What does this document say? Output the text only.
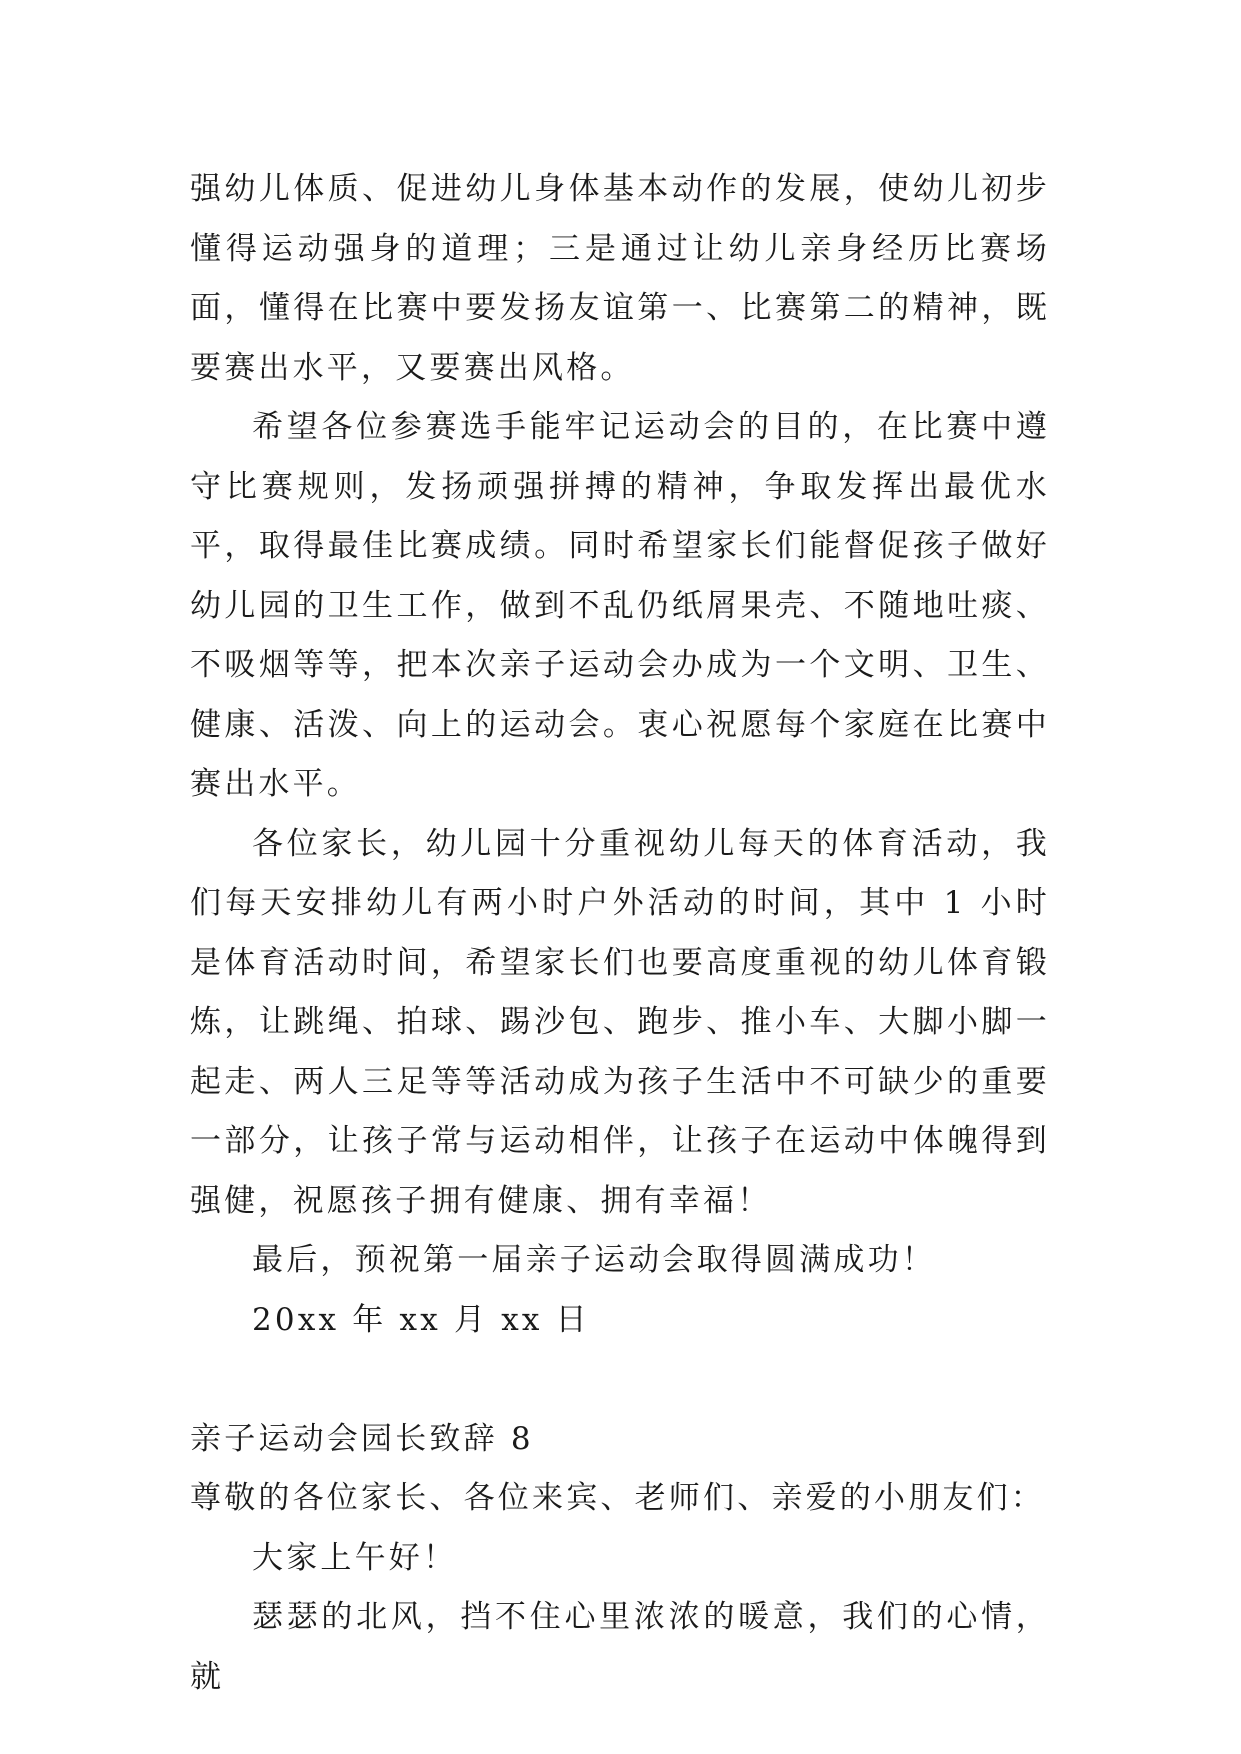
强幼儿体质、促进幼儿身体基本动作的发展，使幼儿初步懂得运动强身的道理；三是通过让幼儿亲身经历比赛场面，懂得在比赛中要发扬友谊第一、比赛第二的精神，既要赛出水平，又要赛出风格。

希望各位参赛选手能牢记运动会的目的，在比赛中遵守比赛规则，发扬顽强拼搏的精神，争取发挥出最优水平，取得最佳比赛成绩。同时希望家长们能督促孩子做好幼儿园的卫生工作，做到不乱仍纸屑果壳、不随地吐痰、不吸烟等等，把本次亲子运动会办成为一个文明、卫生、健康、活泼、向上的运动会。衷心祝愿每个家庭在比赛中赛出水平。

各位家长，幼儿园十分重视幼儿每天的体育活动，我们每天安排幼儿有两小时户外活动的时间，其中 1 小时是体育活动时间，希望家长们也要高度重视的幼儿体育锻炼，让跳绳、拍球、踢沙包、跑步、推小车、大脚小脚一起走、两人三足等等活动成为孩子生活中不可缺少的重要一部分，让孩子常与运动相伴，让孩子在运动中体魄得到强健，祝愿孩子拥有健康、拥有幸福！

最后，预祝第一届亲子运动会取得圆满成功！

20xx 年 xx 月 xx 日

亲子运动会园长致辞 8

尊敬的各位家长、各位来宾、老师们、亲爱的小朋友们：

大家上午好！

瑟瑟的北风，挡不住心里浓浓的暖意，我们的心情，就
